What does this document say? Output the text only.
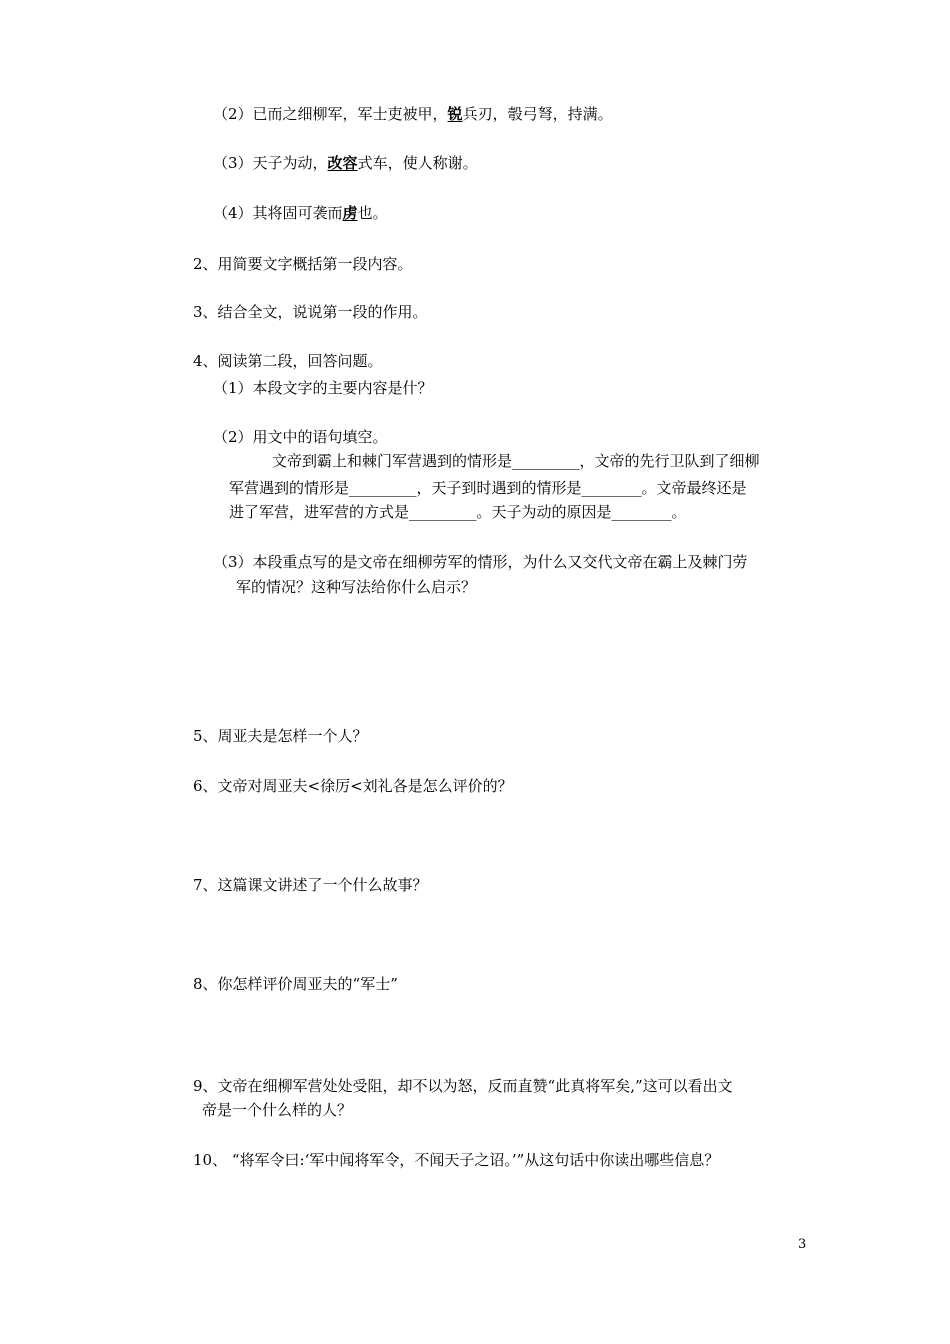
（2）已而之细柳军，军士吏被甲，锐兵刃，彀弓弩，持满。
（3）天子为动，改容式车，使人称谢。
（4）其将固可袭而虏也。
2、用简要文字概括第一段内容。
3、结合全文，说说第一段的作用。
4、阅读第二段，回答问题。
（1）本段文字的主要内容是什？
（2）用文中的语句填空。
文帝到霸上和棘门军营遇到的情形是_________，文帝的先行卫队到了细柳
军营遇到的情形是_________，天子到时遇到的情形是________。文帝最终还是
进了军营，进军营的方式是_________。天子为动的原因是________。
（3）本段重点写的是文帝在细柳劳军的情形，为什么又交代文帝在霸上及棘门劳
军的情况？这种写法给你什么启示？
5、周亚夫是怎样一个人？
6、文帝对周亚夫<徐厉<刘礼各是怎么评价的？
7、这篇课文讲述了一个什么故事？
8、你怎样评价周亚夫的“军士”
9、文帝在细柳军营处处受阻，却不以为怒，反而直赞“此真将军矣,”这可以看出文
帝是一个什么样的人？
10、 “将军令曰:‘军中闻将军令，不闻天子之诏。’”从这句话中你读出哪些信息？
3
